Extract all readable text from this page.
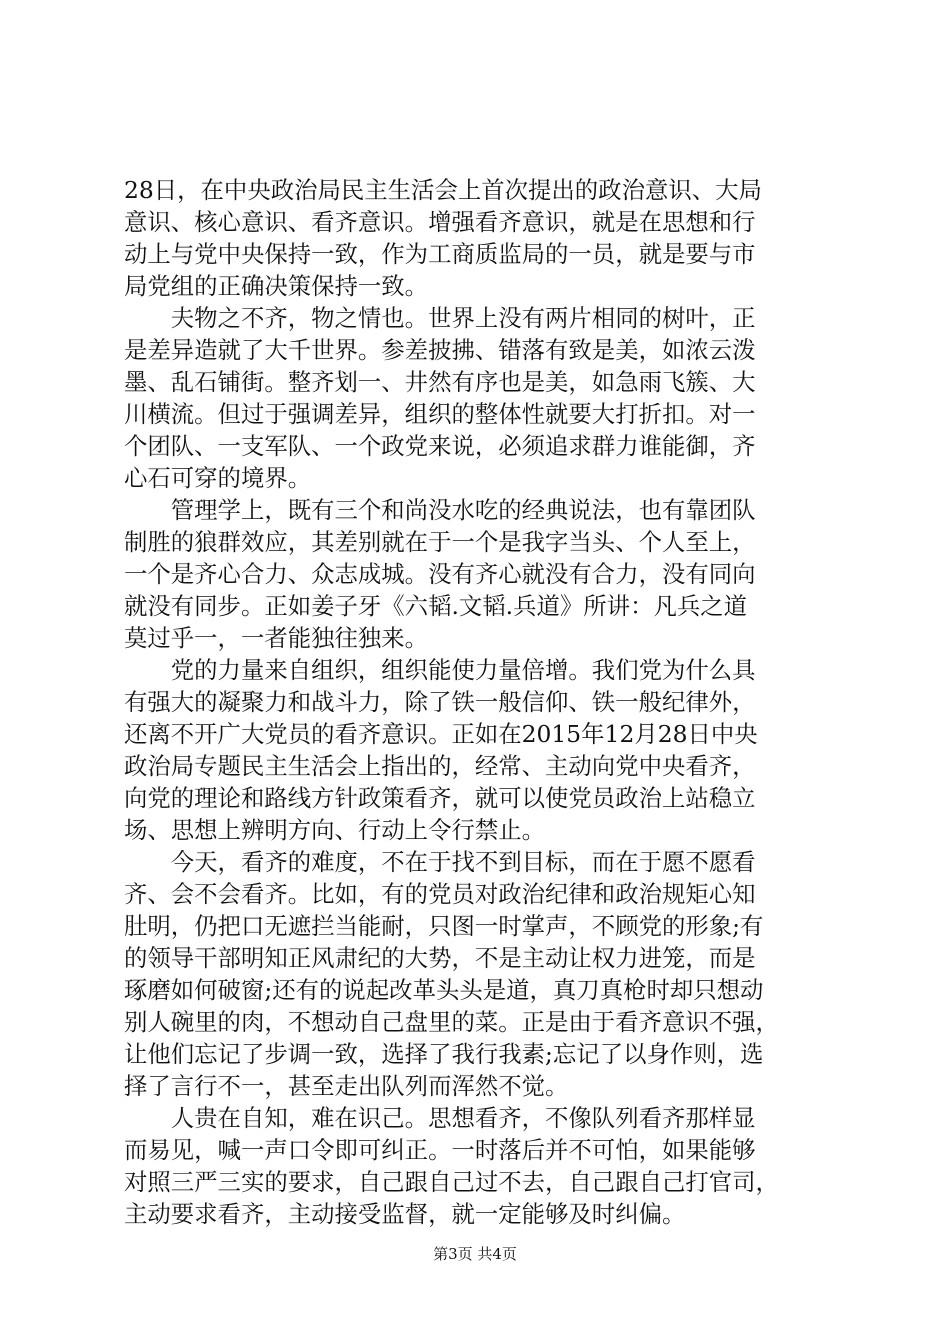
28日，在中央政治局民主生活会上首次提出的政治意识、大局
意识、核心意识、看齐意识。增强看齐意识，就是在思想和行
动上与党中央保持一致，作为工商质监局的一员，就是要与市
局党组的正确决策保持一致。
　　夫物之不齐，物之情也。世界上没有两片相同的树叶，正
是差异造就了大千世界。参差披拂、错落有致是美，如浓云泼
墨、乱石铺街。整齐划一、井然有序也是美，如急雨飞簇、大
川横流。但过于强调差异，组织的整体性就要大打折扣。对一
个团队、一支军队、一个政党来说，必须追求群力谁能御，齐
心石可穿的境界。
　　管理学上，既有三个和尚没水吃的经典说法，也有靠团队
制胜的狼群效应，其差别就在于一个是我字当头、个人至上，
一个是齐心合力、众志成城。没有齐心就没有合力，没有同向
就没有同步。正如姜子牙《六韬.文韬.兵道》所讲：凡兵之道
莫过乎一，一者能独往独来。
　　党的力量来自组织，组织能使力量倍增。我们党为什么具
有强大的凝聚力和战斗力，除了铁一般信仰、铁一般纪律外，
还离不开广大党员的看齐意识。正如在2015年12月28日中央
政治局专题民主生活会上指出的，经常、主动向党中央看齐，
向党的理论和路线方针政策看齐，就可以使党员政治上站稳立
场、思想上辨明方向、行动上令行禁止。
　　今天，看齐的难度，不在于找不到目标，而在于愿不愿看
齐、会不会看齐。比如，有的党员对政治纪律和政治规矩心知
肚明，仍把口无遮拦当能耐，只图一时掌声，不顾党的形象;有
的领导干部明知正风肃纪的大势，不是主动让权力进笼，而是
琢磨如何破窗;还有的说起改革头头是道，真刀真枪时却只想动
别人碗里的肉，不想动自己盘里的菜。正是由于看齐意识不强，
让他们忘记了步调一致，选择了我行我素;忘记了以身作则，选
择了言行不一，甚至走出队列而浑然不觉。
　　人贵在自知，难在识己。思想看齐，不像队列看齐那样显
而易见，喊一声口令即可纠正。一时落后并不可怕，如果能够
对照三严三实的要求，自己跟自己过不去，自己跟自己打官司，
主动要求看齐，主动接受监督，就一定能够及时纠偏。
第3页 共4页
